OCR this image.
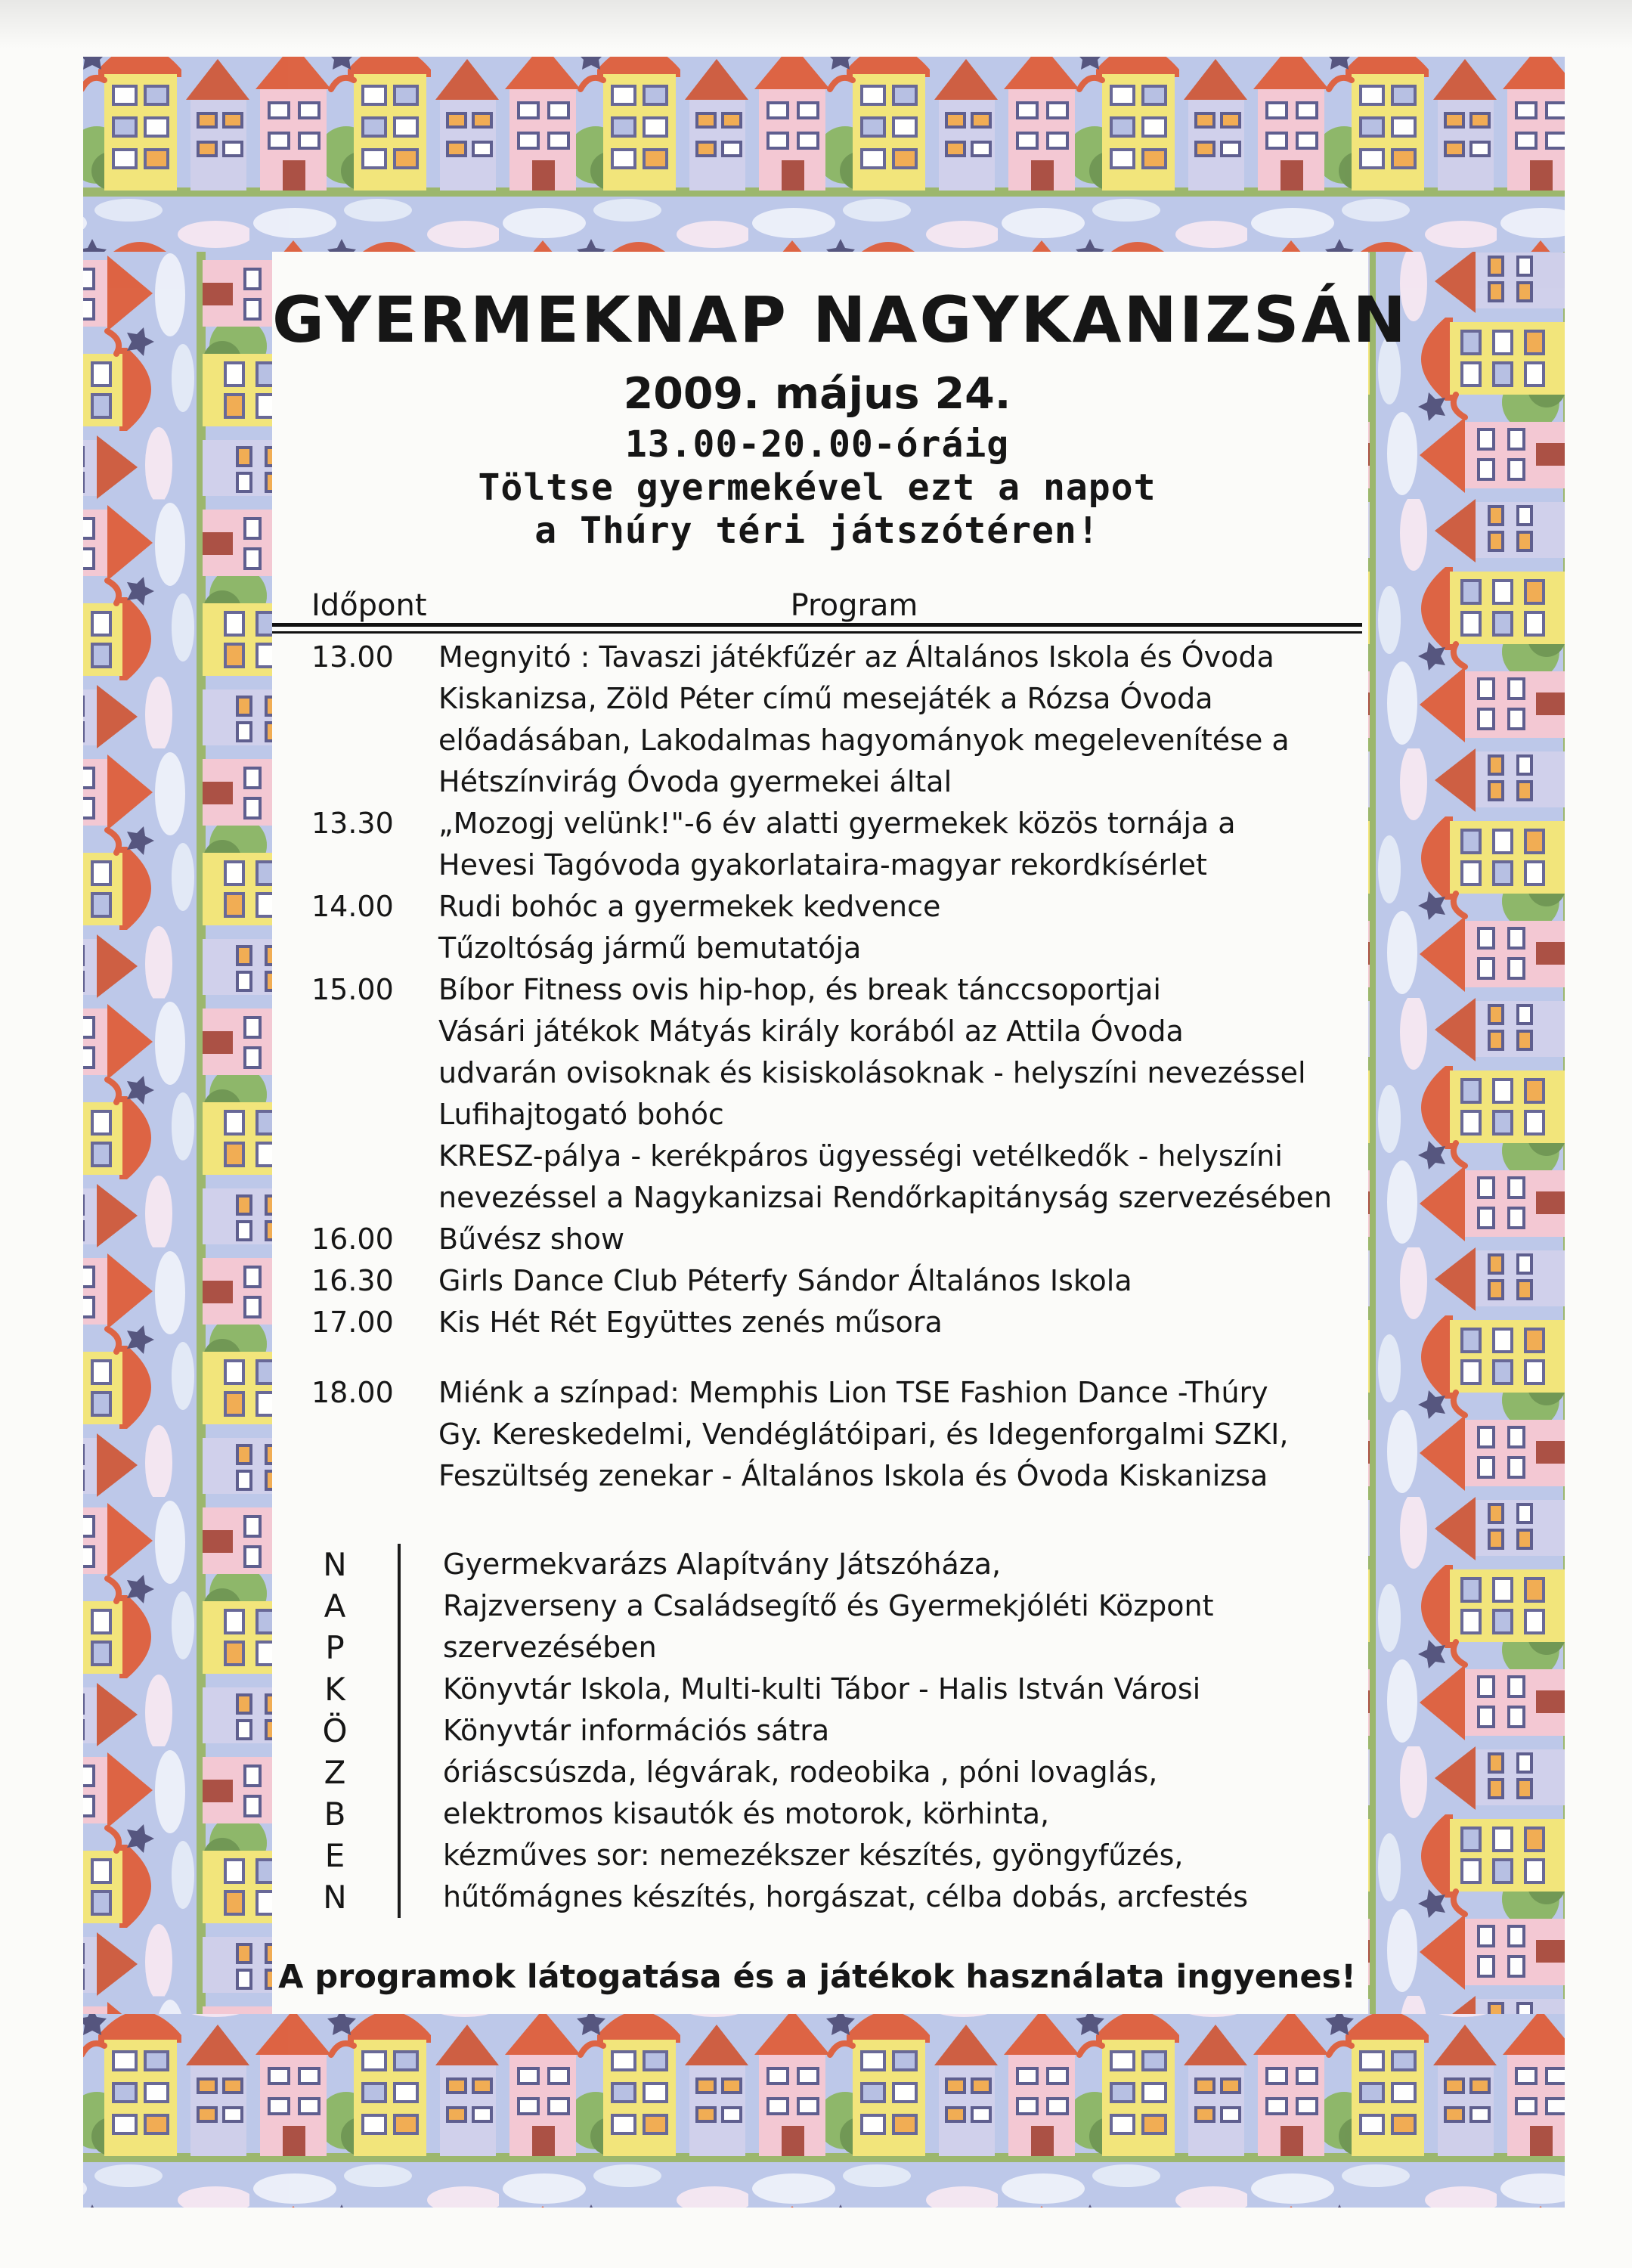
GYERMEKNAP NAGYKANIZSÁN
2009. május 24.
13.00-20.00-óráig
Töltse gyermekével ezt a napot
a Thúry téri játszótéren!
Időpont	Program
13.00	Megnyitó : Tavaszi játékfűzér az Általános Iskola és Óvoda
Kiskanizsa, Zöld Péter című mesejáték a Rózsa Óvoda
előadásában, Lakodalmas hagyományok megelevenítése a
Hétszínvirág Óvoda gyermekei által
13.30	„Mozogj velünk!"-6 év alatti gyermekek közös tornája a
Hevesi Tagóvoda gyakorlataira-magyar rekordkísérlet
14.00	Rudi bohóc a gyermekek kedvence
Tűzoltóság jármű bemutatója
15.00	Bíbor Fitness ovis hip-hop, és break tánccsoportjai
Vásári játékok Mátyás király korából az Attila Óvoda
udvarán ovisoknak és kisiskolásoknak - helyszíni nevezéssel
Lufihajtogató bohóc
KRESZ-pálya - kerékpáros ügyességi vetélkedők - helyszíni
nevezéssel a Nagykanizsai Rendőrkapitányság szervezésében
16.00	Bűvész show
16.30	Girls Dance Club Péterfy Sándor Általános Iskola
17.00	Kis Hét Rét Együttes zenés műsora
18.00	Miénk a színpad: Memphis Lion TSE Fashion Dance -Thúry
Gy. Kereskedelmi, Vendéglátóipari, és Idegenforgalmi SZKI,
Feszültség zenekar - Általános Iskola és Óvoda Kiskanizsa
N	Gyermekvarázs Alapítvány Játszóháza,
A	Rajzverseny a Családsegítő és Gyermekjóléti Központ
P	szervezésében
K	Könyvtár Iskola, Multi-kulti Tábor - Halis István Városi
Ö	Könyvtár információs sátra
Z	óriáscsúszda, légvárak, rodeobika , póni lovaglás,
B	elektromos kisautók és motorok, körhinta,
E	kézműves sor: nemezékszer készítés, gyöngyfűzés,
N	hűtőmágnes készítés, horgászat, célba dobás, arcfestés
A programok látogatása és a játékok használata ingyenes!
